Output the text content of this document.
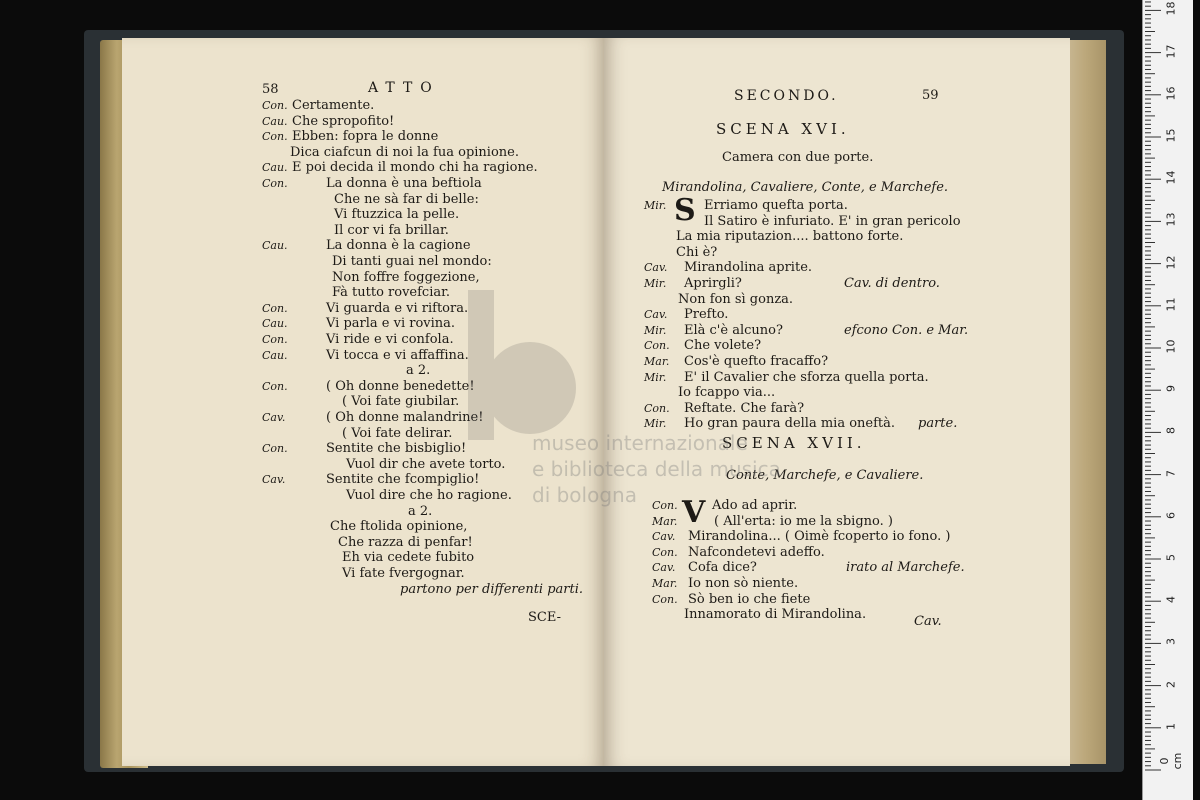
58	ATTO
Con. Certamente.
Cau. Che spropofito!
Con. Ebben: fopra le donne
Dica ciafcun di noi la fua opinione.
Cau. E poi decida il mondo chi ha ragione.
Con.	La donna è una beftiola
Che ne sà far di belle:
Vi ftuzzica la pelle.
Il cor vi fa brillar.
Cau.	La donna è la cagione
Di tanti guai nel mondo:
Non foffre foggezione,
Fà tutto rovefciar.
Con.	Vi guarda e vi riftora.
Cau.	Vi parla e vi rovina.
Con.	Vi ride e vi confola.
Cau.	Vi tocca e vi affaffina.
a 2.
Con.	( Oh donne benedette!
( Voi fate giubilar.
Cav.	( Oh donne malandrine!
( Voi fate delirar.
Con.	Sentite che bisbiglio!
Vuol dir che avete torto.
Cav.	Sentite che fcompiglio!
Vuol dire che ho ragione.
a 2.
Che ftolida opinione,
Che razza di penfar!
Eh via cedete fubito
Vi fate fvergognar.
partono per differenti parti.
SCE-
SECONDO.	59
SCENA XVI.
Camera con due porte.
Mirandolina, Cavaliere, Conte, e Marchefe.
S
Mir.	Erriamo quefta porta.
Il Satiro è infuriato. E' in gran pericolo
La mia riputazion.... battono forte.
Chi è?
Cav. Mirandolina aprite.
Mir. Aprirgli?	Cav. di dentro.
Non fon sì gonza.
Cav. Prefto.
Mir. Elà c'è alcuno?	efcono Con. e Mar.
Con. Che volete?
Mar. Cos'è quefto fracaffo?
Mir. E' il Cavalier che sforza quella porta.
Io fcappo via...
Con. Reftate. Che farà?
Mir. Ho gran paura della mia oneftà. parte.
SCENA XVII.
Conte, Marchefe, e Cavaliere.
V
Con.	Ado ad aprir.
Mar.	( All'erta: io me la sbigno. )
Cav. Mirandolina... ( Oimè fcoperto io fono. )
Con. Nafcondetevi adeffo.
Cav. Cofa dice?	irato al Marchefe.
Mar. Io non sò niente.
Con. Sò ben io che fiete
Innamorato di Mirandolina.	Cav.
museo internazionale
e biblioteca della musica
di bologna
0 cm
1
2
3
4
5
6
7
8
9
10
11
12
13
14
15
16
17
18
